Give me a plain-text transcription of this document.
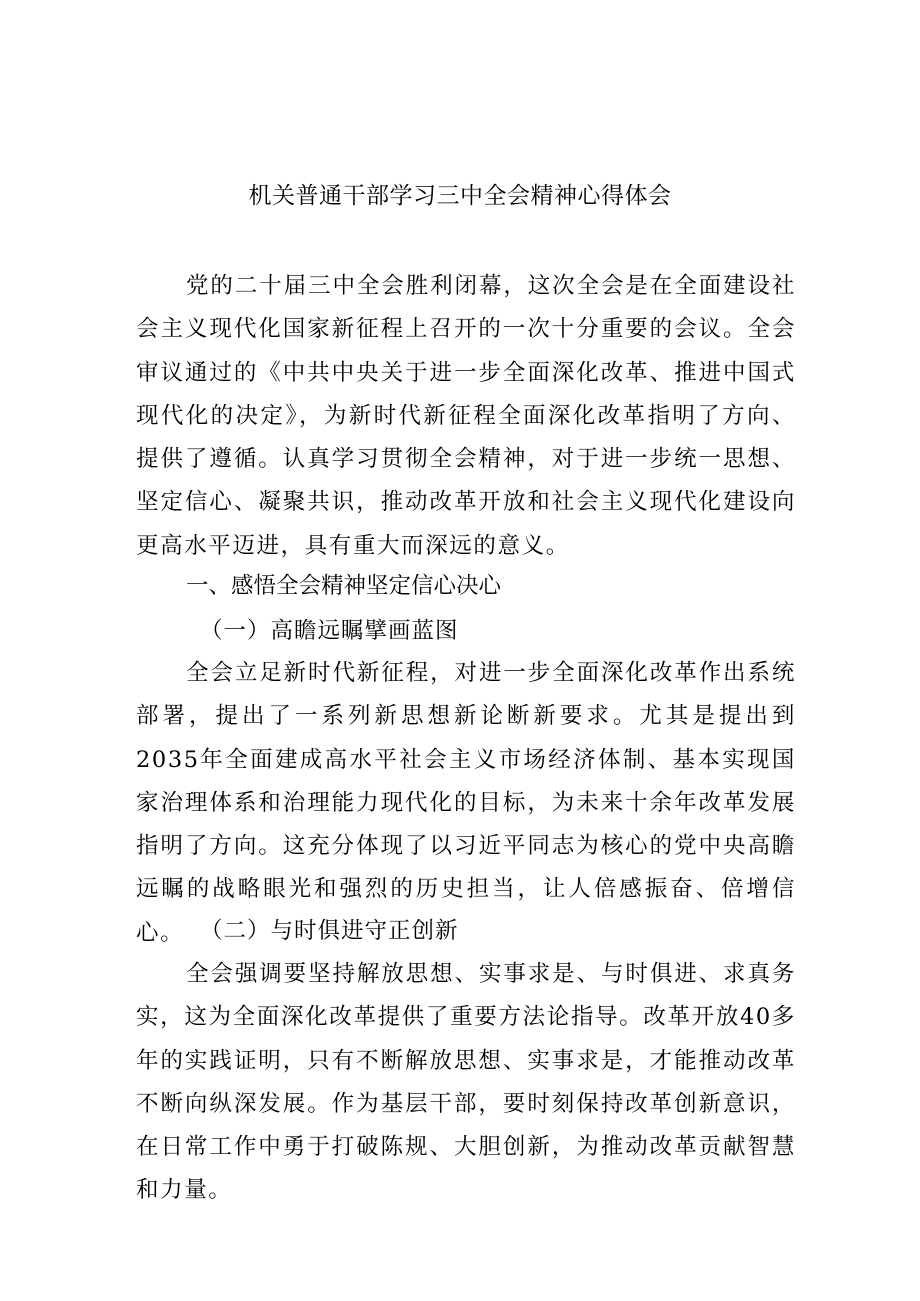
机关普通干部学习三中全会精神心得体会

党的二十届三中全会胜利闭幕，这次全会是在全面建设社会主义现代化国家新征程上召开的一次十分重要的会议。全会审议通过的《中共中央关于进一步全面深化改革、推进中国式现代化的决定》，为新时代新征程全面深化改革指明了方向、提供了遵循。认真学习贯彻全会精神，对于进一步统一思想、坚定信心、凝聚共识，推动改革开放和社会主义现代化建设向更高水平迈进，具有重大而深远的意义。

一、感悟全会精神坚定信心决心
（一）高瞻远瞩擘画蓝图

全会立足新时代新征程，对进一步全面深化改革作出系统部署，提出了一系列新思想新论断新要求。尤其是提出到2035年全面建成高水平社会主义市场经济体制、基本实现国家治理体系和治理能力现代化的目标，为未来十余年改革发展指明了方向。这充分体现了以习近平同志为核心的党中央高瞻远瞩的战略眼光和强烈的历史担当，让人倍感振奋、倍增信心。 （二）与时俱进守正创新

全会强调要坚持解放思想、实事求是、与时俱进、求真务实，这为全面深化改革提供了重要方法论指导。改革开放40多年的实践证明，只有不断解放思想、实事求是，才能推动改革不断向纵深发展。作为基层干部，要时刻保持改革创新意识，在日常工作中勇于打破陈规、大胆创新，为推动改革贡献智慧和力量。
